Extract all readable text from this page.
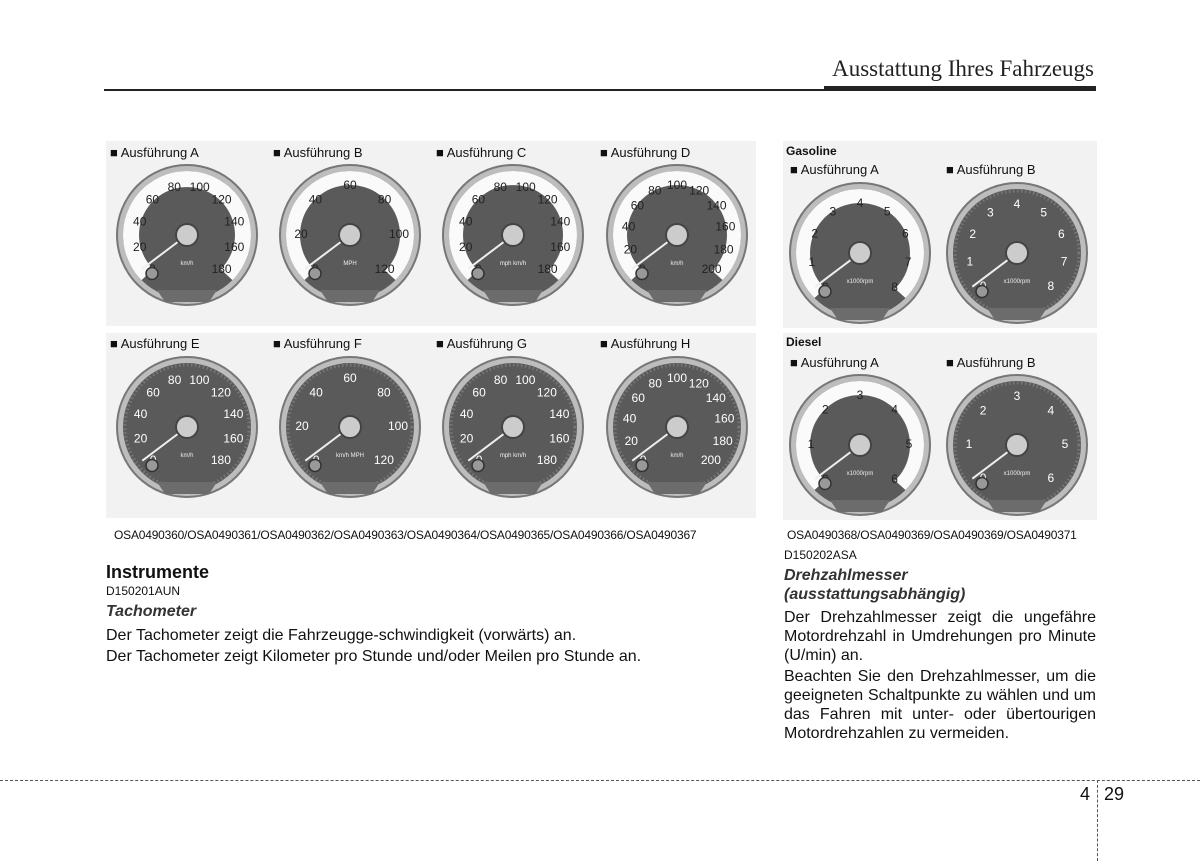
Ausstattung Ihres Fahrzeugs
■ Ausführung A	■ Ausführung B	■ Ausführung C	■ Ausführung D
■ Ausführung E	■ Ausführung F	■ Ausführung G	■ Ausführung H
Gasoline
■ Ausführung A	■ Ausführung B
Diesel
■ Ausführung A	■ Ausführung B
20
40
60
80 100
120
140
160
180
km/h
20
40
60
80
100
120
MPH
20
40
60
80 100
120
140
160
180
mph km/h
20
40
60
80 100 120
140
160
180
200
km/h
20
40
60
80 100
120
140
160
180
km/h
20
40
60
80
100
120
km/h MPH
20
40
60
80 100
120
140
160
180
mph km/h
20
40
60
80 100 120
140
160
180
200
km/h
1
2
3
4
5
6
7
8
x1000rpm
1
2
3
4
5
6
7
8
x1000rpm
1
2
3
4
5
6
x1000rpm
1
2
3
4
5
6
x1000rpm
OSA0490360/OSA0490361/OSA0490362/OSA0490363/OSA0490364/OSA0490365/OSA0490366/OSA0490367	OSA0490368/OSA0490369/OSA0490369/OSA0490371
Instrumente
D150201AUN
Tachometer
Der Tachometer zeigt die Fahrzeugge-schwindigkeit (vorwärts) an.
Der Tachometer zeigt Kilometer pro Stunde und/oder Meilen pro Stunde an.
D150202ASA
Drehzahlmesser
(ausstattungsabhängig)
Der Drehzahlmesser zeigt die ungefähre Motordrehzahl in Umdrehungen pro Minute (U/min) an.
Beachten Sie den Drehzahlmesser, um die geeigneten Schaltpunkte zu wählen und um das Fahren mit unter- oder übertourigen Motordrehzahlen zu vermeiden.
4 29
